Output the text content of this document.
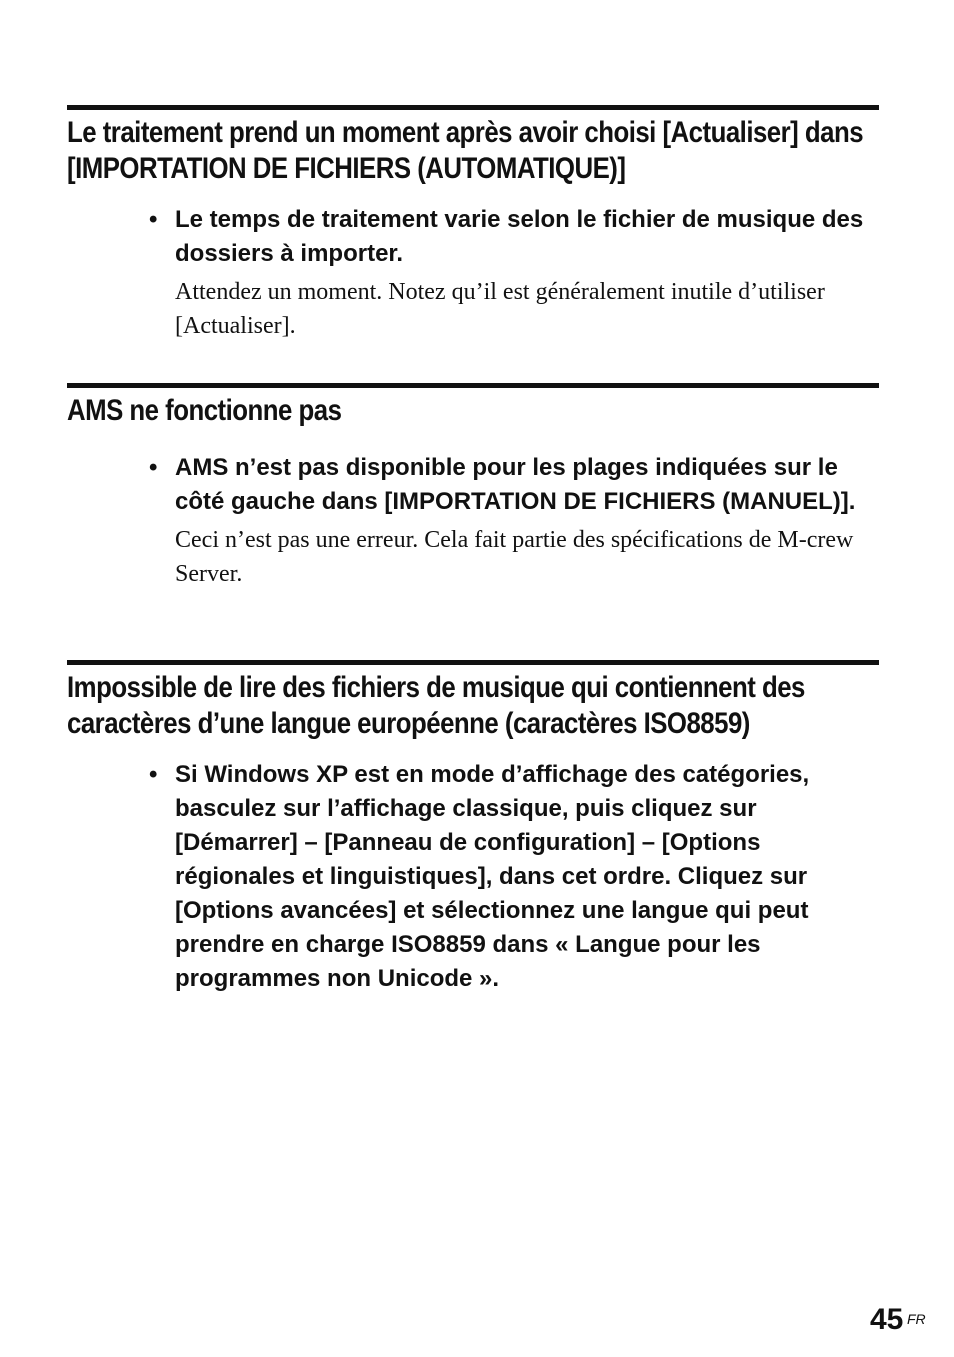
Le traitement prend un moment après avoir choisi [Actualiser] dans [IMPORTATION DE FICHIERS (AUTOMATIQUE)]
• Le temps de traitement varie selon le fichier de musique des dossiers à importer.

Attendez un moment. Notez qu’il est généralement inutile d’utiliser [Actualiser].

AMS ne fonctionne pas
• AMS n’est pas disponible pour les plages indiquées sur le côté gauche dans [IMPORTATION DE FICHIERS (MANUEL)].

Ceci n’est pas une erreur. Cela fait partie des spécifications de M-crew Server.

Impossible de lire des fichiers de musique qui contiennent des caractères d’une langue européenne (caractères ISO8859)
• Si Windows XP est en mode d’affichage des catégories, basculez sur l’affichage classique, puis cliquez sur [Démarrer] – [Panneau de configuration] – [Options régionales et linguistiques], dans cet ordre. Cliquez sur [Options avancées] et sélectionnez une langue qui peut prendre en charge ISO8859 dans « Langue pour les programmes non Unicode ».

45 FR
